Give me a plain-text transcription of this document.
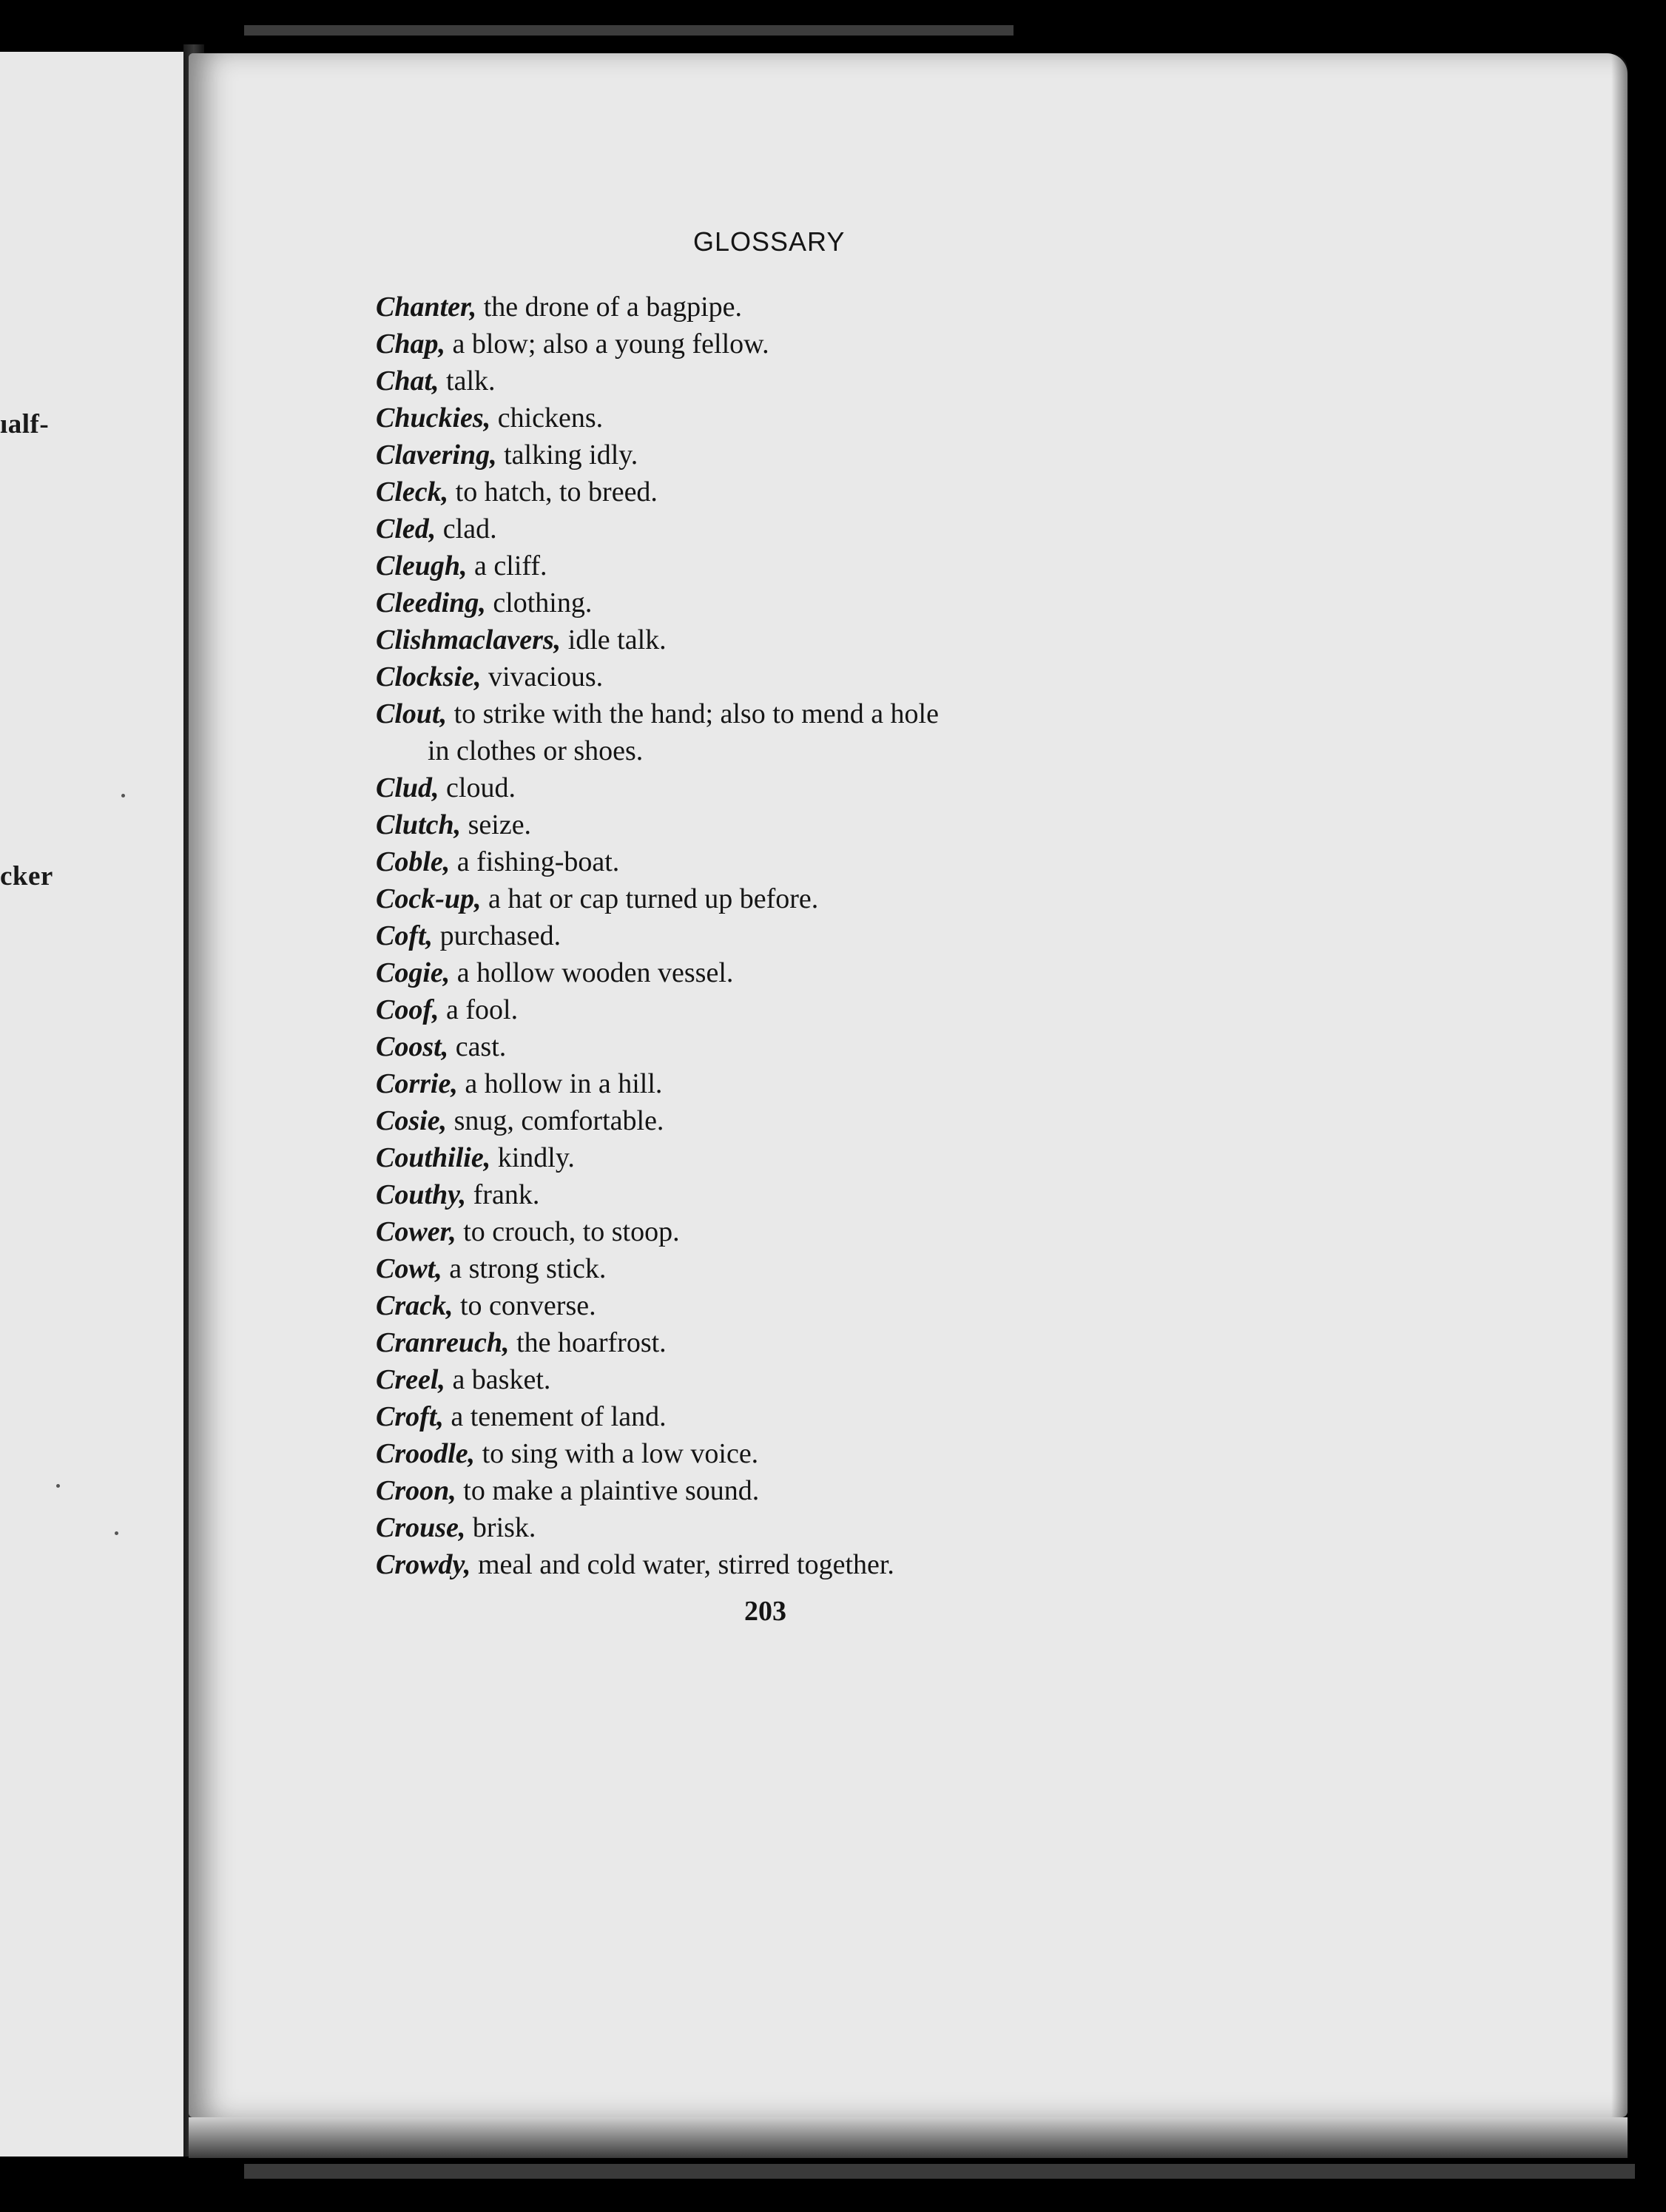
ıalf-
cker
GLOSSARY
Chanter, the drone of a bagpipe.
Chap, a blow; also a young fellow.
Chat, talk.
Chuckies, chickens.
Clavering, talking idly.
Cleck, to hatch, to breed.
Cled, clad.
Cleugh, a cliff.
Cleeding, clothing.
Clishmaclavers, idle talk.
Clocksie, vivacious.
Clout, to strike with the hand; also to mend a hole
in clothes or shoes.
Clud, cloud.
Clutch, seize.
Coble, a fishing-boat.
Cock-up, a hat or cap turned up before.
Coft, purchased.
Cogie, a hollow wooden vessel.
Coof, a fool.
Coost, cast.
Corrie, a hollow in a hill.
Cosie, snug, comfortable.
Couthilie, kindly.
Couthy, frank.
Cower, to crouch, to stoop.
Cowt, a strong stick.
Crack, to converse.
Cranreuch, the hoarfrost.
Creel, a basket.
Croft, a tenement of land.
Croodle, to sing with a low voice.
Croon, to make a plaintive sound.
Crouse, brisk.
Crowdy, meal and cold water, stirred together.
203
